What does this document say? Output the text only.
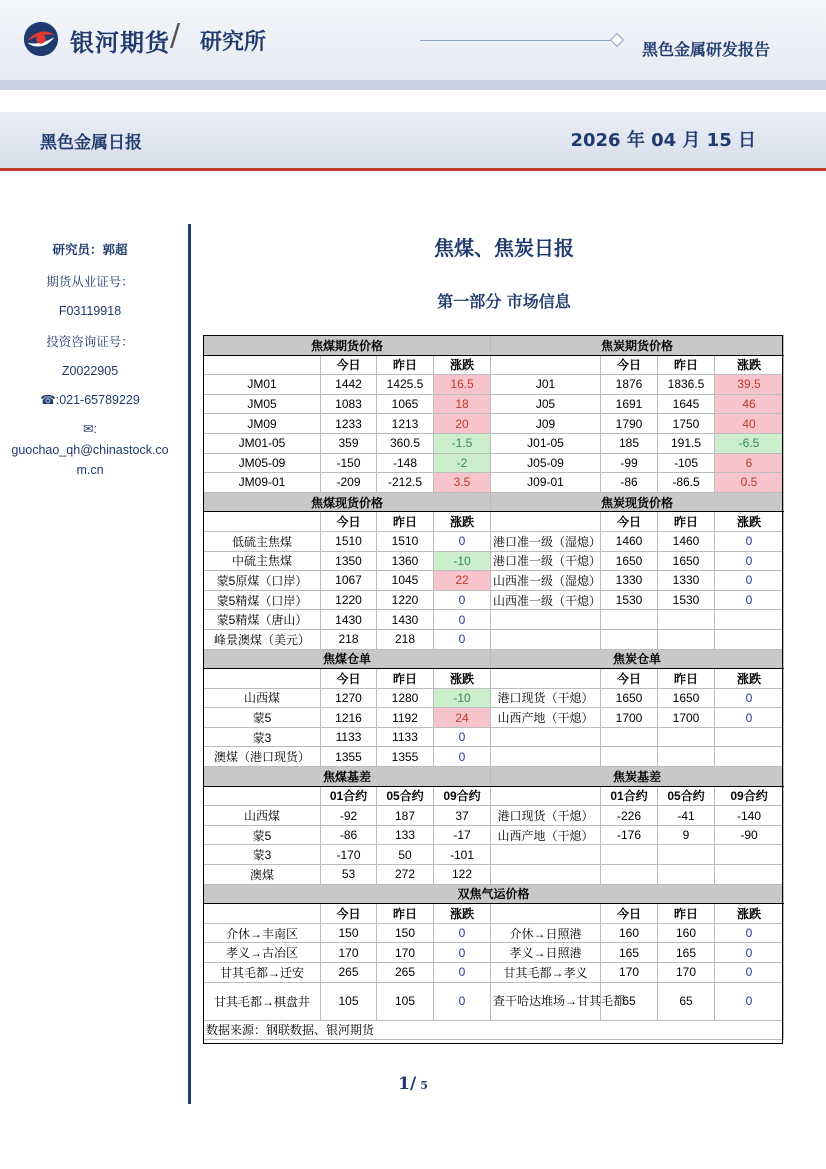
银河期货 / 研究所	黑色金属研发报告
黑色金属日报	2026 年 04 月 15 日
研究员：郭超
期货从业证号：
F03119918
投资咨询证号：
Z0022905
☎:021-65789229
✉:
guochao_qh@chinastock.com.cn
焦煤、焦炭日报
第一部分 市场信息
焦煤期货价格				焦炭期货价格			
	今日	昨日	涨跌		今日	昨日	涨跌
JM01	1442	1425.5	16.5	J01	1876	1836.5	39.5
JM05	1083	1065	18	J05	1691	1645	46
JM09	1233	1213	20	J09	1790	1750	40
JM01-05	359	360.5	-1.5	J01-05	185	191.5	-6.5
JM05-09	-150	-148	-2	J05-09	-99	-105	6
JM09-01	-209	-212.5	3.5	J09-01	-86	-86.5	0.5
焦煤现货价格				焦炭现货价格			
	今日	昨日	涨跌		今日	昨日	涨跌
低硫主焦煤	1510	1510	0	港口准一级（湿熄）	1460	1460	0
中硫主焦煤	1350	1360	-10	港口准一级（干熄）	1650	1650	0
蒙5原煤（口岸）	1067	1045	22	山西准一级（湿熄）	1330	1330	0
蒙5精煤（口岸）	1220	1220	0	山西准一级（干熄）	1530	1530	0
蒙5精煤（唐山）	1430	1430	0				
峰景澳煤（美元）	218	218	0				
焦煤仓单				焦炭仓单			
	今日	昨日	涨跌		今日	昨日	涨跌
山西煤	1270	1280	-10	港口现货（干熄）	1650	1650	0
蒙5	1216	1192	24	山西产地（干熄）	1700	1700	0
蒙3	1133	1133	0				
澳煤（港口现货）	1355	1355	0				
焦煤基差				焦炭基差			
	01合约	05合约	09合约		01合约	05合约	09合约
山西煤	-92	187	37	港口现货（干熄）	-226	-41	-140
蒙5	-86	133	-17	山西产地（干熄）	-176	9	-90
蒙3	-170	50	-101				
澳煤	53	272	122				
双焦气运价格							
	今日	昨日	涨跌		今日	昨日	涨跌
介休→丰南区	150	150	0	介休→日照港	160	160	0
孝义→古冶区	170	170	0	孝义→日照港	165	165	0
甘其毛都→迁安	265	265	0	甘其毛都→孝义	170	170	0
甘其毛都→棋盘井	105	105	0	查干哈达堆场→甘其毛都	65	65	0
数据来源：钢联数据、银河期货							
1/ 5
